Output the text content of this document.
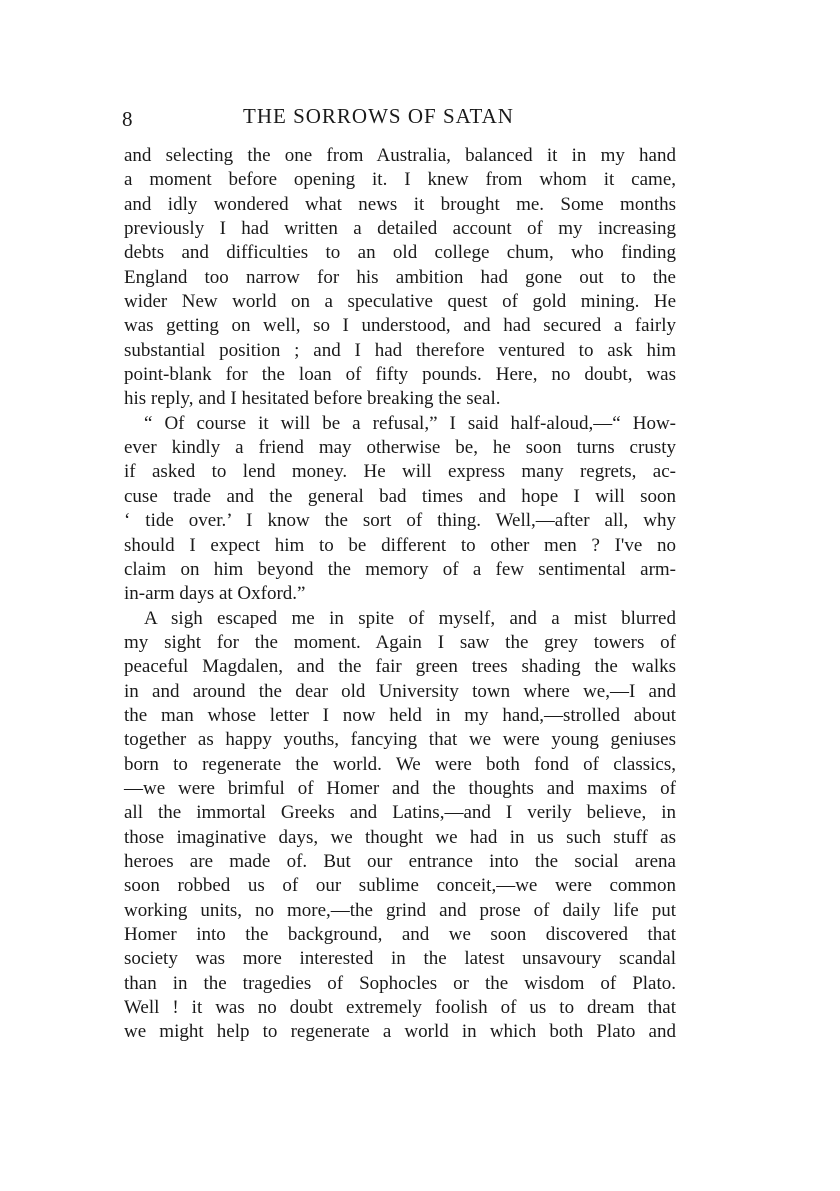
8	THE SORROWS OF SATAN
and selecting the one from Australia, balanced it in my hand
a moment before opening it. I knew from whom it came,
and idly wondered what news it brought me. Some months
previously I had written a detailed account of my increasing
debts and difficulties to an old college chum, who finding
England too narrow for his ambition had gone out to the
wider New world on a speculative quest of gold mining. He
was getting on well, so I understood, and had secured a fairly
substantial position ; and I had therefore ventured to ask him
point-blank for the loan of fifty pounds. Here, no doubt, was
his reply, and I hesitated before breaking the seal.
“ Of course it will be a refusal,” I said half-aloud,—“ How-
ever kindly a friend may otherwise be, he soon turns crusty
if asked to lend money. He will express many regrets, ac-
cuse trade and the general bad times and hope I will soon
‘ tide over.’ I know the sort of thing. Well,—after all, why
should I expect him to be different to other men ? I've no
claim on him beyond the memory of a few sentimental arm-
in-arm days at Oxford.”
A sigh escaped me in spite of myself, and a mist blurred
my sight for the moment. Again I saw the grey towers of
peaceful Magdalen, and the fair green trees shading the walks
in and around the dear old University town where we,—I and
the man whose letter I now held in my hand,—strolled about
together as happy youths, fancying that we were young geniuses
born to regenerate the world. We were both fond of classics,
—we were brimful of Homer and the thoughts and maxims of
all the immortal Greeks and Latins,—and I verily believe, in
those imaginative days, we thought we had in us such stuff as
heroes are made of. But our entrance into the social arena
soon robbed us of our sublime conceit,—we were common
working units, no more,—the grind and prose of daily life put
Homer into the background, and we soon discovered that
society was more interested in the latest unsavoury scandal
than in the tragedies of Sophocles or the wisdom of Plato.
Well ! it was no doubt extremely foolish of us to dream that
we might help to regenerate a world in which both Plato and
